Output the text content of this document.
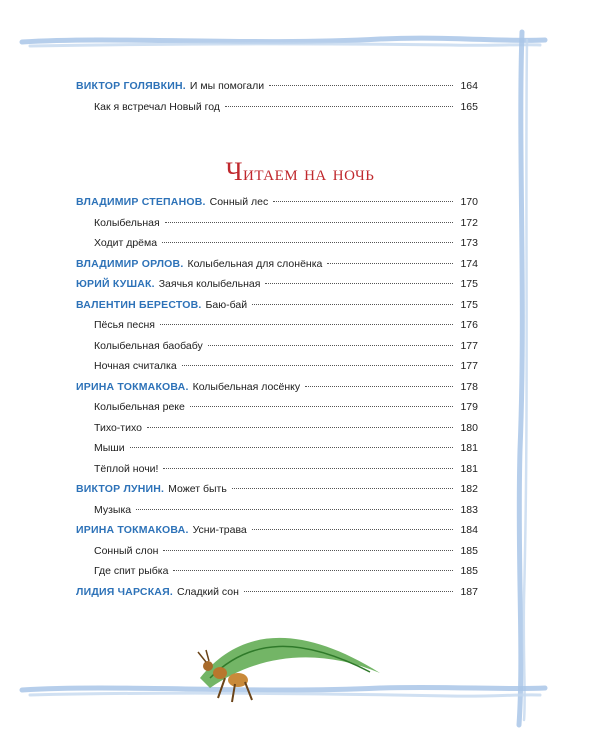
ВИКТОР ГОЛЯВКИН. И мы помогали	164
Как я встречал Новый год	165
Читаем на ночь
ВЛАДИМИР СТЕПАНОВ. Сонный лес	170
Колыбельная	172
Ходит дрёма	173
ВЛАДИМИР ОРЛОВ. Колыбельная для слонёнка	174
ЮРИЙ КУШАК. Заячья колыбельная	175
ВАЛЕНТИН БЕРЕСТОВ. Баю-бай	175
Пёсья песня	176
Колыбельная баобабу	177
Ночная считалка	177
ИРИНА ТОКМАКОВА. Колыбельная лосёнку	178
Колыбельная реке	179
Тихо-тихо	180
Мыши	181
Тёплой ночи!	181
ВИКТОР ЛУНИН. Может быть	182
Музыка	183
ИРИНА ТОКМАКОВА. Усни-трава	184
Сонный слон	185
Где спит рыбка	185
ЛИДИЯ ЧАРСКАЯ. Сладкий сон	187
